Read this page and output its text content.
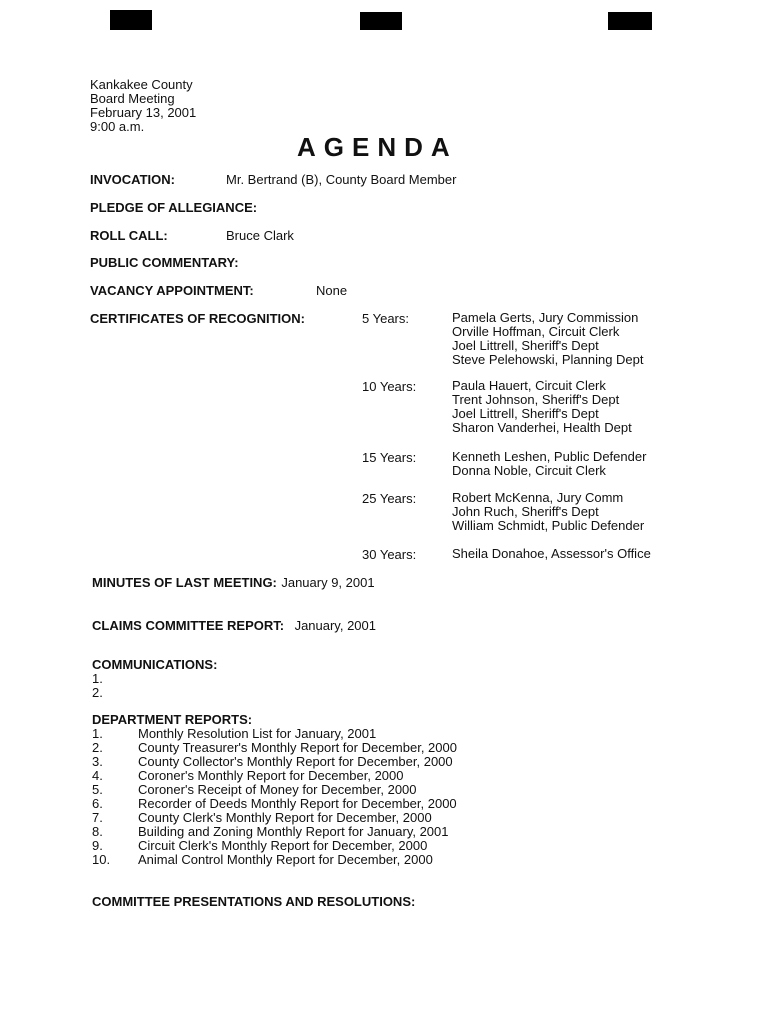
Kankakee County
Board Meeting
February 13, 2001
9:00 a.m.
AGENDA
INVOCATION:	Mr. Bertrand (B), County Board Member
PLEDGE OF ALLEGIANCE:
ROLL CALL:	Bruce Clark
PUBLIC COMMENTARY:
VACANCY APPOINTMENT:	None
CERTIFICATES OF RECOGNITION:	5 Years:	Pamela Gerts, Jury Commission
Orville Hoffman, Circuit Clerk
Joel Littrell, Sheriff's Dept
Steve Pelehowski, Planning Dept
10 Years:	Paula Hauert, Circuit Clerk
Trent Johnson, Sheriff's Dept
Joel Littrell, Sheriff's Dept
Sharon Vanderhei, Health Dept
15 Years:	Kenneth Leshen, Public Defender
Donna Noble, Circuit Clerk
25 Years:	Robert McKenna, Jury Comm
John Ruch, Sheriff's Dept
William Schmidt, Public Defender
30 Years:	Sheila Donahoe, Assessor's Office
MINUTES OF LAST MEETING: January 9, 2001
CLAIMS COMMITTEE REPORT: January, 2001
COMMUNICATIONS:
1.
2.
DEPARTMENT REPORTS:
1.	Monthly Resolution List for January, 2001
2.	County Treasurer's Monthly Report for December, 2000
3.	County Collector's Monthly Report for December, 2000
4.	Coroner's Monthly Report for December, 2000
5.	Coroner's Receipt of Money for December, 2000
6.	Recorder of Deeds Monthly Report for December, 2000
7.	County Clerk's Monthly Report for December, 2000
8.	Building and Zoning Monthly Report for January, 2001
9.	Circuit Clerk's Monthly Report for December, 2000
10. Animal Control Monthly Report for December, 2000
COMMITTEE PRESENTATIONS AND RESOLUTIONS:
